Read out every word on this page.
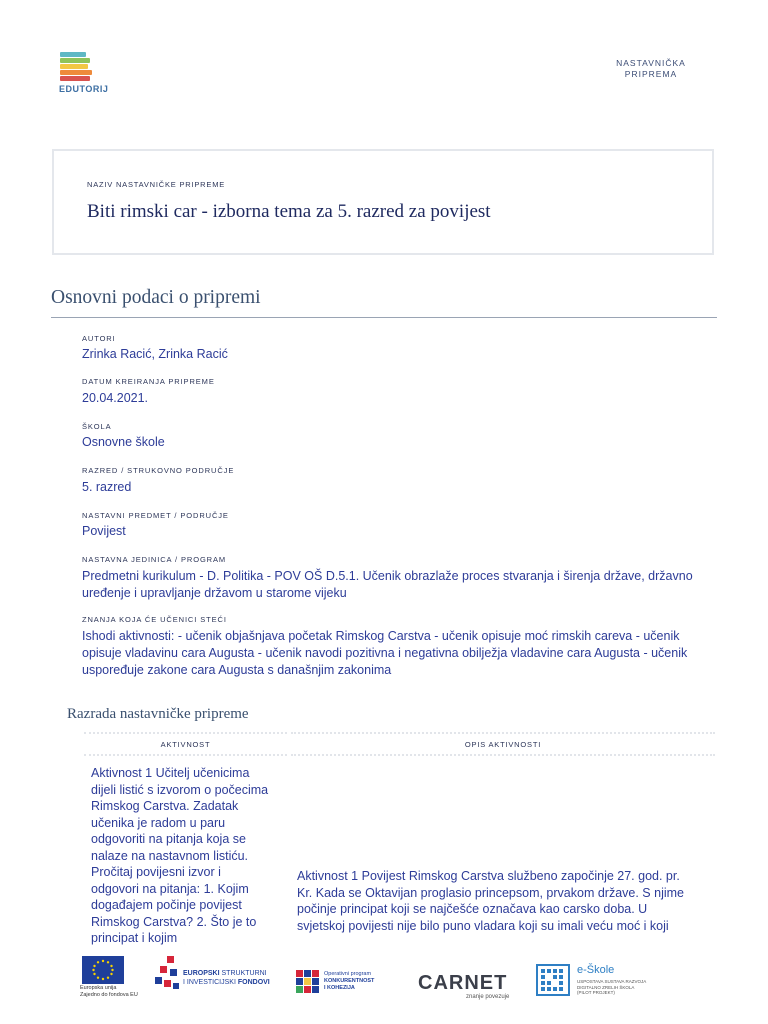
EDUTORIJ
NASTAVNIČKA
PRIPREMA
NAZIV NASTAVNIČKE PRIPREME
Biti rimski car - izborna tema za 5. razred za povijest
Osnovni podaci o pripremi
AUTORI
Zrinka Racić, Zrinka Racić
DATUM KREIRANJA PRIPREME
20.04.2021.
ŠKOLA
Osnovne škole
RAZRED / STRUKOVNO PODRUČJE
5. razred
NASTAVNI PREDMET / PODRUČJE
Povijest
NASTAVNA JEDINICA / PROGRAM
Predmetni kurikulum - D. Politika - POV OŠ D.5.1. Učenik obrazlaže proces stvaranja i širenja države, državno uređenje i upravljanje državom u starome vijeku
ZNANJA KOJA ĆE UČENICI STEĆI
Ishodi aktivnosti: - učenik objašnjava početak Rimskog Carstva - učenik opisuje moć rimskih careva - učenik opisuje vladavinu cara Augusta - učenik navodi pozitivna i negativna obilježja vladavine cara Augusta - učenik uspoređuje zakone cara Augusta s današnjim zakonima
Razrada nastavničke pripreme
AKTIVNOST	OPIS AKTIVNOSTI
Aktivnost 1 Učitelj učenicima dijeli listić s izvorom o počecima Rimskog Carstva. Zadatak učenika je radom u paru odgovoriti na pitanja koja se nalaze na nastavnom listiću. Pročitaj povijesni izvor i odgovori na pitanja: 1. Kojim događajem počinje povijest Rimskog Carstva? 2. Što je to principat i kojim
Aktivnost 1 Povijest Rimskog Carstva službeno započinje 27. god. pr. Kr. Kada se Oktavijan proglasio princepsom, prvakom države. S njime počinje principat koji se najčešće označava kao carsko doba. U svjetskoj povijesti nije bilo puno vladara koji su imali veću moć i koji
Europska unija
Zajedno do fondova EU
EUROPSKI STRUKTURNI
I INVESTICIJSKI FONDOVI
Operativni program
KONKURENTNOST
I KOHEZIJA	CARNET
znanje povezuje
e-Škole
USPOSTAVA SUSTAVA RAZVOJA
DIGITALNO ZRELIH ŠKOLA
(PILOT PROJEKT)
